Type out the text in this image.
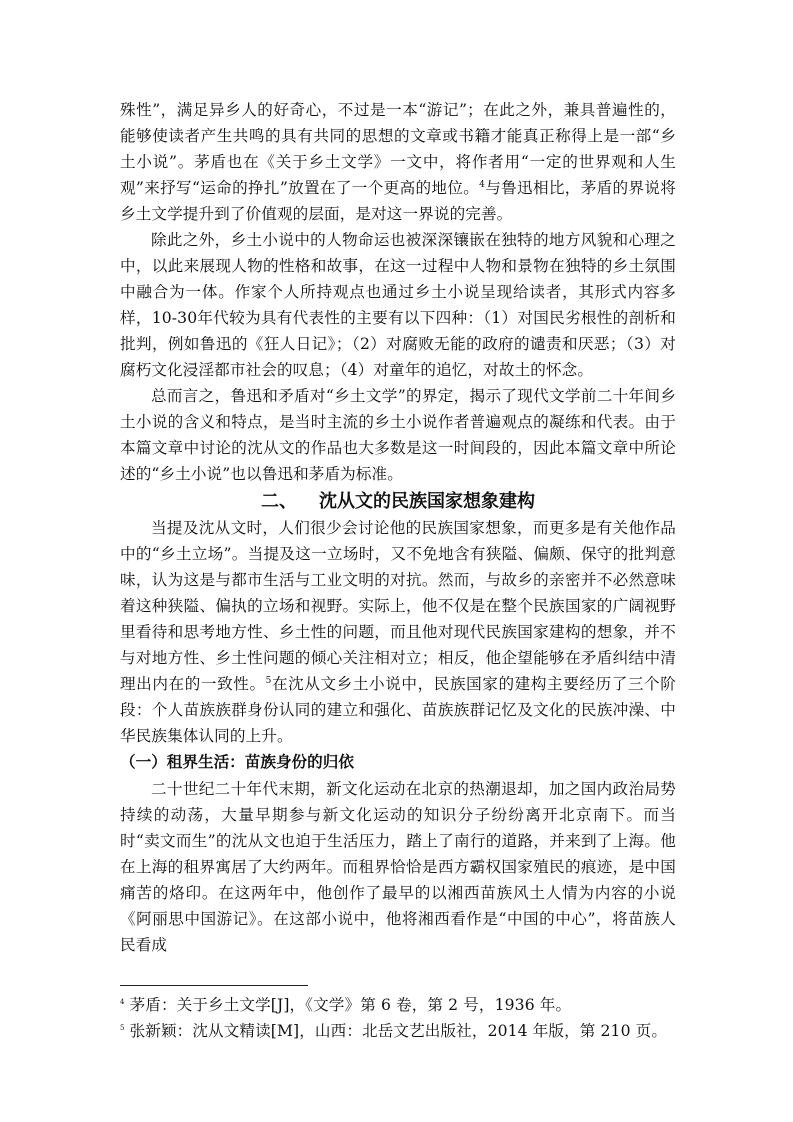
殊性”，满足异乡人的好奇心，不过是一本“游记”；在此之外，兼具普遍性的，能够使读者产生共鸣的具有共同的思想的文章或书籍才能真正称得上是一部“乡土小说”。茅盾也在《关于乡土文学》一文中，将作者用“一定的世界观和人生观”来抒写“运命的挣扎”放置在了一个更高的地位。$^4$与鲁迅相比，茅盾的界说将乡土文学提升到了价值观的层面，是对这一界说的完善。

除此之外，乡土小说中的人物命运也被深深镶嵌在独特的地方风貌和心理之中，以此来展现人物的性格和故事，在这一过程中人物和景物在独特的乡土氛围中融合为一体。作家个人所持观点也通过乡土小说呈现给读者，其形式内容多样，10-30年代较为具有代表性的主要有以下四种：（1）对国民劣根性的剖析和批判，例如鲁迅的《狂人日记》；（2）对腐败无能的政府的谴责和厌恶；（3）对腐朽文化浸淫都市社会的叹息；（4）对童年的追忆，对故土的怀念。

总而言之，鲁迅和矛盾对“乡土文学”的界定，揭示了现代文学前二十年间乡土小说的含义和特点，是当时主流的乡土小说作者普遍观点的凝练和代表。由于本篇文章中讨论的沈从文的作品也大多数是这一时间段的，因此本篇文章中所论述的“乡土小说”也以鲁迅和茅盾为标准。

二、 沈从文的民族国家想象建构

当提及沈从文时，人们很少会讨论他的民族国家想象，而更多是有关他作品中的“乡土立场”。当提及这一立场时，又不免地含有狭隘、偏颇、保守的批判意味，认为这是与都市生活与工业文明的对抗。然而，与故乡的亲密并不必然意味着这种狭隘、偏执的立场和视野。实际上，他不仅是在整个民族国家的广阔视野里看待和思考地方性、乡土性的问题，而且他对现代民族国家建构的想象，并不与对地方性、乡土性问题的倾心关注相对立；相反，他企望能够在矛盾纠结中清理出内在的一致性。$^5$在沈从文乡土小说中，民族国家的建构主要经历了三个阶段：个人苗族族群身份认同的建立和强化、苗族族群记忆及文化的民族冲澡、中华民族集体认同的上升。

（一）租界生活：苗族身份的归依

二十世纪二十年代末期，新文化运动在北京的热潮退却，加之国内政治局势持续的动荡，大量早期参与新文化运动的知识分子纷纷离开北京南下。而当时“卖文而生”的沈从文也迫于生活压力，踏上了南行的道路，并来到了上海。他在上海的租界寓居了大约两年。而租界恰恰是西方霸权国家殖民的痕迹，是中国痛苦的烙印。在这两年中，他创作了最早的以湘西苗族风土人情为内容的小说《阿丽思中国游记》。在这部小说中，他将湘西看作是“中国的中心”，将苗族人民看成

$^4$ 茅盾：关于乡土文学[J]，《文学》第 6 卷，第 2 号，1936 年。

$^5$ 张新颖：沈从文精读[M]，山西：北岳文艺出版社，2014 年版，第 210 页。
